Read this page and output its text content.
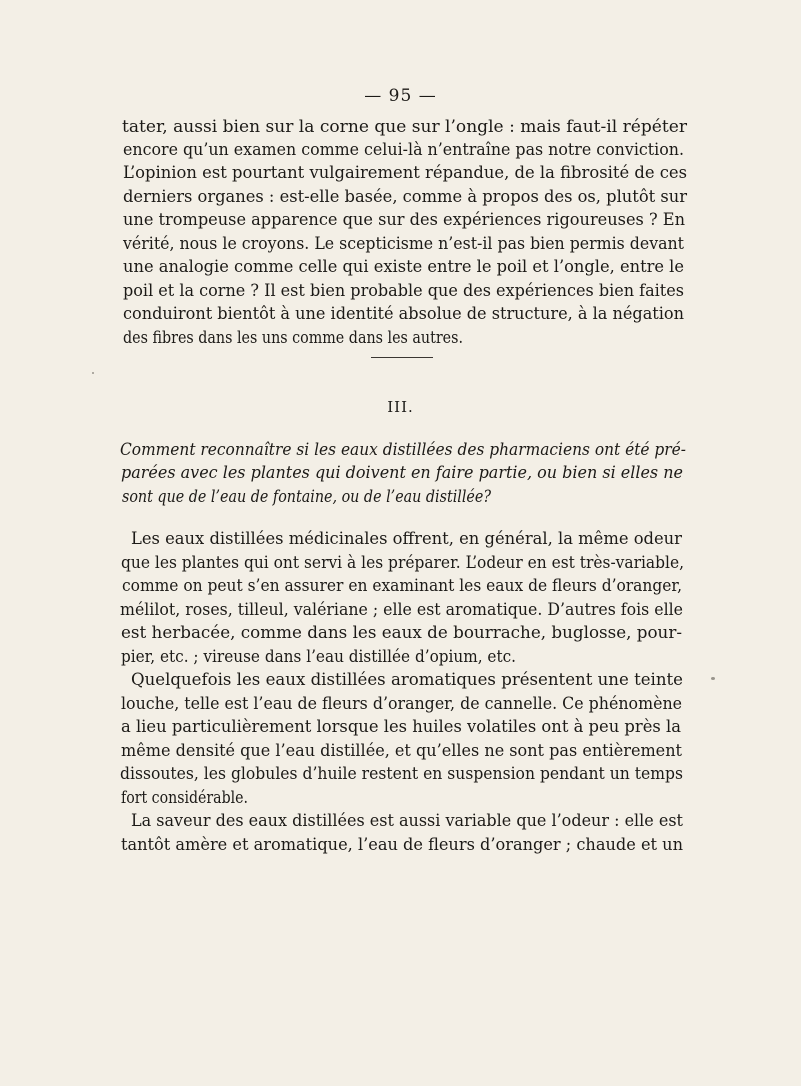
— 95 —
tater, aussi bien sur la corne que sur l’ongle : mais faut-il répéter
encore qu’un examen comme celui-là n’entraîne pas notre conviction.
L’opinion est pourtant vulgairement répandue, de la fibrosité de ces
derniers organes : est-elle basée, comme à propos des os, plutôt sur
une trompeuse apparence que sur des expériences rigoureuses ? En
vérité, nous le croyons. Le scepticisme n’est-il pas bien permis devant
une analogie comme celle qui existe entre le poil et l’ongle, entre le
poil et la corne ? Il est bien probable que des expériences bien faites
conduiront bientôt à une identité absolue de structure, à la négation
des fibres dans les uns comme dans les autres.
III.
Comment reconnaître si les eaux distillées des pharmaciens ont été pré-
parées avec les plantes qui doivent en faire partie, ou bien si elles ne
sont que de l’eau de fontaine, ou de l’eau distillée?
Les eaux distillées médicinales offrent, en général, la même odeur
que les plantes qui ont servi à les préparer. L’odeur en est très-variable,
comme on peut s’en assurer en examinant les eaux de fleurs d’oranger,
mélilot, roses, tilleul, valériane ; elle est aromatique. D’autres fois elle
est herbacée, comme dans les eaux de bourrache, buglosse, pour-
pier, etc. ; vireuse dans l’eau distillée d’opium, etc.
Quelquefois les eaux distillées aromatiques présentent une teinte
louche, telle est l’eau de fleurs d’oranger, de cannelle. Ce phénomène
a lieu particulièrement lorsque les huiles volatiles ont à peu près la
même densité que l’eau distillée, et qu’elles ne sont pas entièrement
dissoutes, les globules d’huile restent en suspension pendant un temps
fort considérable.
La saveur des eaux distillées est aussi variable que l’odeur : elle est
tantôt amère et aromatique, l’eau de fleurs d’oranger ; chaude et un
